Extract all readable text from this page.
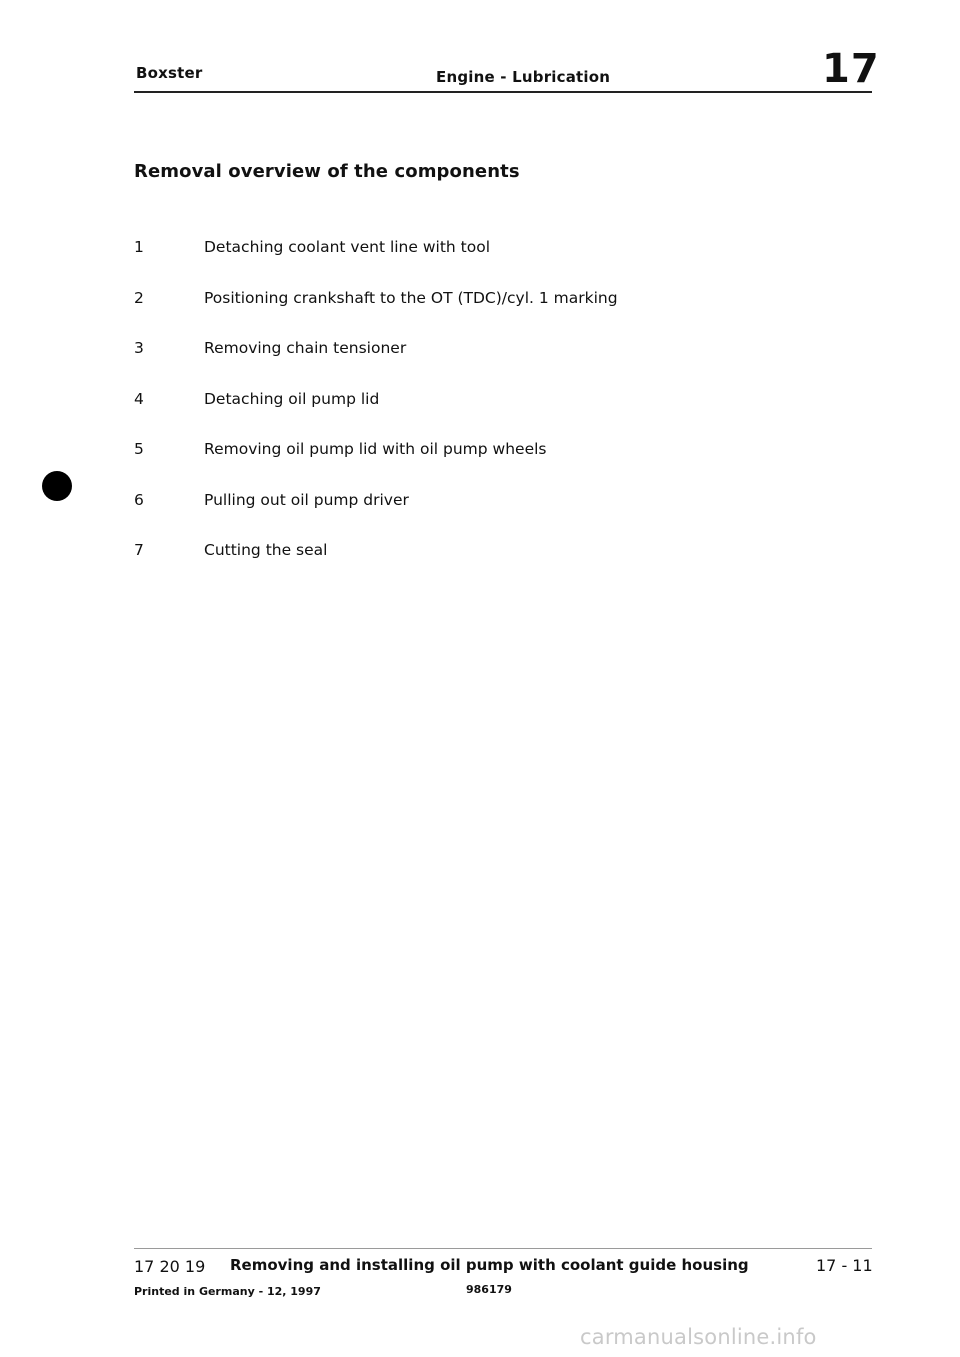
Boxster	Engine - Lubrication	17
Removal overview of the components
1	Detaching coolant vent line with tool
2	Positioning crankshaft to the OT (TDC)/cyl. 1 marking
3	Removing chain tensioner
4	Detaching oil pump lid
5	Removing oil pump lid with oil pump wheels
6	Pulling out oil pump driver
7	Cutting the seal
17 20 19 Removing and installing oil pump with coolant guide housing	17 - 11
Printed in Germany - 12, 1997	986179
carmanualsonline.info
